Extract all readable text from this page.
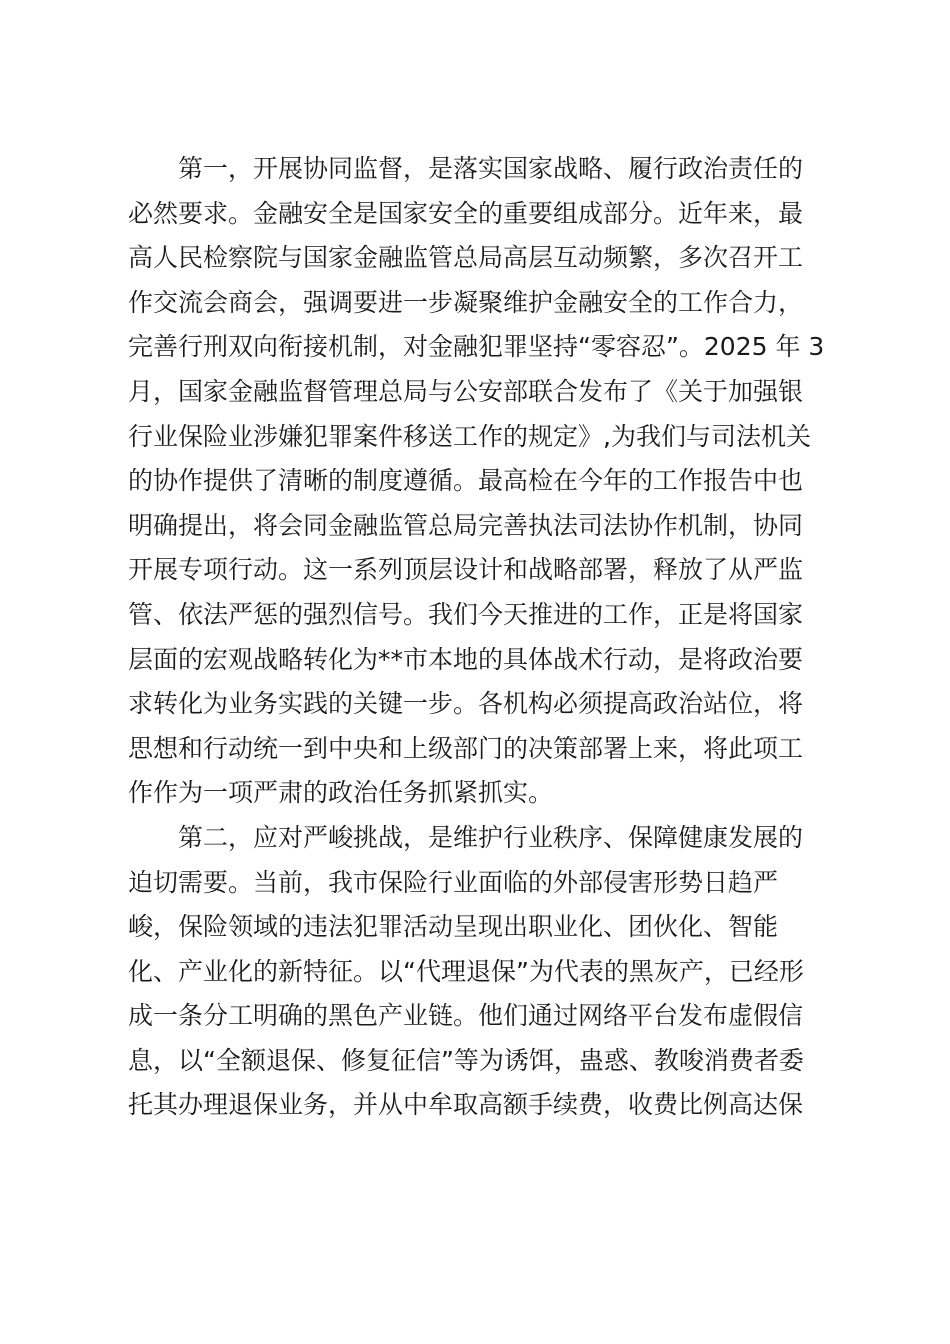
第一，开展协同监督，是落实国家战略、履行政治责任的
必然要求。金融安全是国家安全的重要组成部分。近年来，最
高人民检察院与国家金融监管总局高层互动频繁，多次召开工
作交流会商会，强调要进一步凝聚维护金融安全的工作合力，
完善行刑双向衔接机制，对金融犯罪坚持“零容忍”。2025 年 3
月，国家金融监督管理总局与公安部联合发布了《关于加强银
行业保险业涉嫌犯罪案件移送工作的规定》,为我们与司法机关
的协作提供了清晰的制度遵循。最高检在今年的工作报告中也
明确提出，将会同金融监管总局完善执法司法协作机制，协同
开展专项行动。这一系列顶层设计和战略部署，释放了从严监
管、依法严惩的强烈信号。我们今天推进的工作，正是将国家
层面的宏观战略转化为**市本地的具体战术行动，是将政治要
求转化为业务实践的关键一步。各机构必须提高政治站位，将
思想和行动统一到中央和上级部门的决策部署上来，将此项工
作作为一项严肃的政治任务抓紧抓实。
第二，应对严峻挑战，是维护行业秩序、保障健康发展的
迫切需要。当前，我市保险行业面临的外部侵害形势日趋严
峻，保险领域的违法犯罪活动呈现出职业化、团伙化、智能
化、产业化的新特征。以“代理退保”为代表的黑灰产，已经形
成一条分工明确的黑色产业链。他们通过网络平台发布虚假信
息，以“全额退保、修复征信”等为诱饵，蛊惑、教唆消费者委
托其办理退保业务，并从中牟取高额手续费，收费比例高达保
